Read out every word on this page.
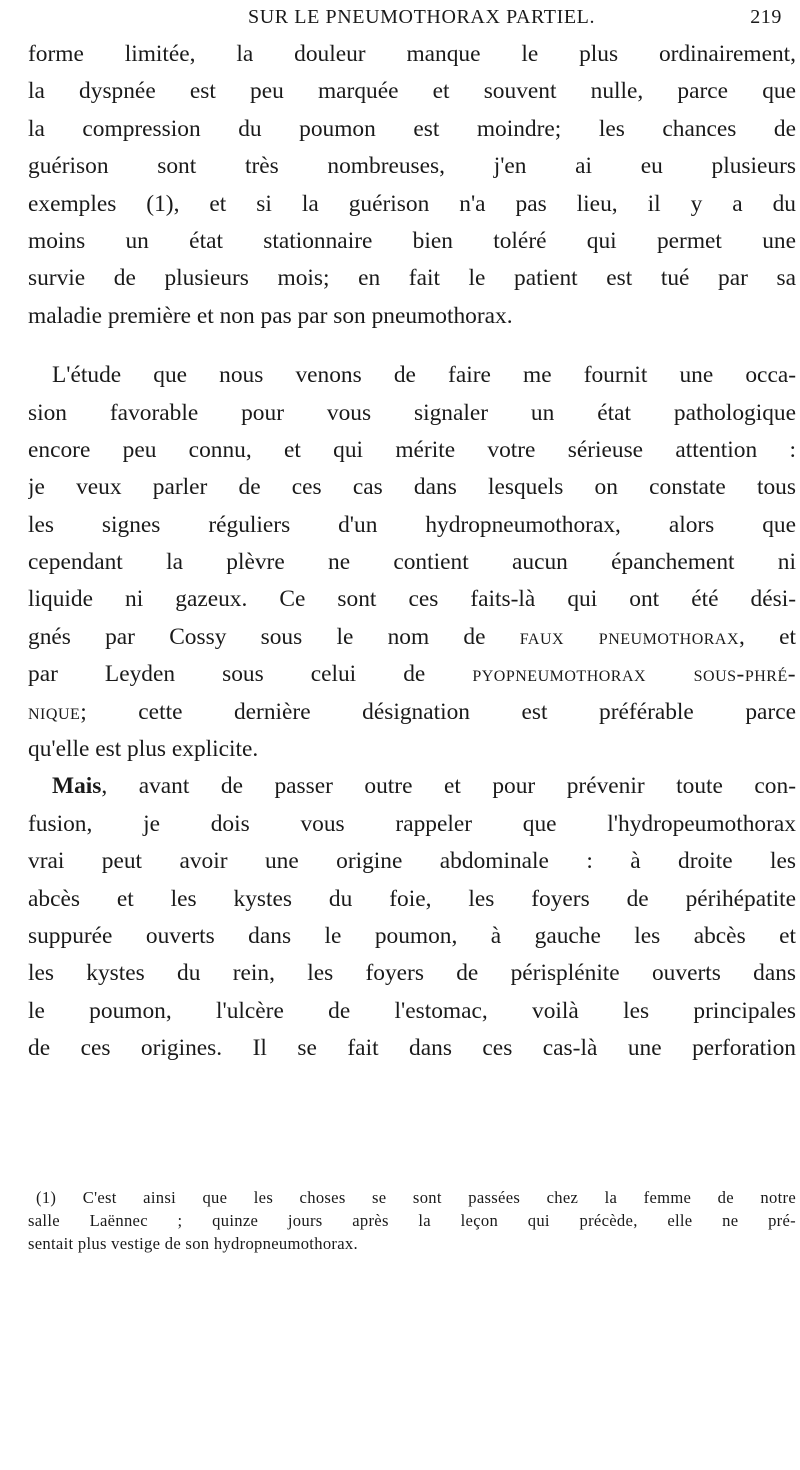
SUR LE PNEUMOTHORAX PARTIEL.	219
forme limitée, la douleur manque le plus ordinairement,
la dyspnée est peu marquée et souvent nulle, parce que
la compression du poumon est moindre; les chances de
guérison sont très nombreuses, j'en ai eu plusieurs
exemples (1), et si la guérison n'a pas lieu, il y a du
moins un état stationnaire bien toléré qui permet une
survie de plusieurs mois; en fait le patient est tué par sa
maladie première et non pas par son pneumothorax.
L'étude que nous venons de faire me fournit une occa-
sion favorable pour vous signaler un état pathologique
encore peu connu, et qui mérite votre sérieuse attention :
je veux parler de ces cas dans lesquels on constate tous
les signes réguliers d'un hydropneumothorax, alors que
cependant la plèvre ne contient aucun épanchement ni
liquide ni gazeux. Ce sont ces faits-là qui ont été dési-
gnés par Cossy sous le nom de faux pneumothorax, et
par Leyden sous celui de pyopneumothorax sous-phré-
nique; cette dernière désignation est préférable parce
qu'elle est plus explicite.
Mais, avant de passer outre et pour prévenir toute con-
fusion, je dois vous rappeler que l'hydropeumothorax
vrai peut avoir une origine abdominale : à droite les
abcès et les kystes du foie, les foyers de périhépatite
suppurée ouverts dans le poumon, à gauche les abcès et
les kystes du rein, les foyers de périsplénite ouverts dans
le poumon, l'ulcère de l'estomac, voilà les principales
de ces origines. Il se fait dans ces cas-là une perforation
(1) C'est ainsi que les choses se sont passées chez la femme de notre
salle Laënnec ; quinze jours après la leçon qui précède, elle ne pré-
sentait plus vestige de son hydropneumothorax.
